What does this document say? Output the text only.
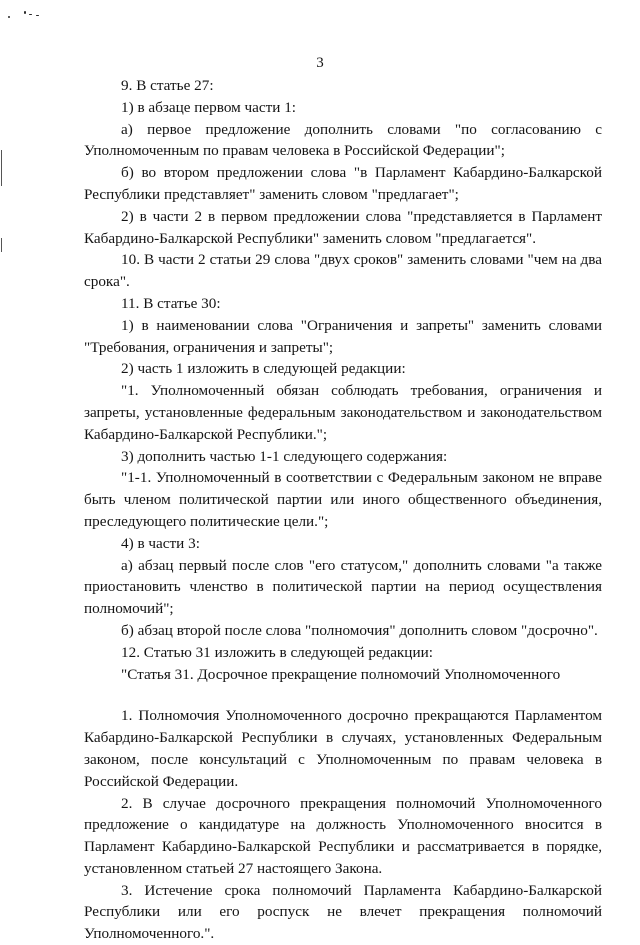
3

9. В статье 27:

1) в абзаце первом части 1:

а) первое предложение дополнить словами "по согласованию с Уполномоченным по правам человека в Российской Федерации";

б) во втором предложении слова "в Парламент Кабардино-Балкарской Республики представляет" заменить словом "предлагает";

2) в части 2 в первом предложении слова "представляется в Парламент Кабардино-Балкарской Республики" заменить словом "предлагается".

10. В части 2 статьи 29 слова "двух сроков" заменить словами "чем на два срока".

11. В статье 30:

1) в наименовании слова "Ограничения и запреты" заменить словами "Требования, ограничения и запреты";

2) часть 1 изложить в следующей редакции:

"1. Уполномоченный обязан соблюдать требования, ограничения и запреты, установленные федеральным законодательством и законодательством Кабардино-Балкарской Республики.";

3) дополнить частью 1-1 следующего содержания:

"1-1. Уполномоченный в соответствии с Федеральным законом не вправе быть членом политической партии или иного общественного объединения, преследующего политические цели.";

4) в части 3:

а) абзац первый после слов "его статусом," дополнить словами "а также приостановить членство в политической партии на период осуществления полномочий";

б) абзац второй после слова "полномочия" дополнить словом "досрочно".

12. Статью 31 изложить в следующей редакции:

"Статья 31. Досрочное прекращение полномочий Уполномоченного

1. Полномочия Уполномоченного досрочно прекращаются Парламентом Кабардино-Балкарской Республики в случаях, установленных Федеральным законом, после консультаций с Уполномоченным по правам человека в Российской Федерации.

2. В случае досрочного прекращения полномочий Уполномоченного предложение о кандидатуре на должность Уполномоченного вносится в Парламент Кабардино-Балкарской Республики и рассматривается в порядке, установленном статьей 27 настоящего Закона.

3. Истечение срока полномочий Парламента Кабардино-Балкарской Республики или его роспуск не влечет прекращения полномочий Уполномоченного.".
